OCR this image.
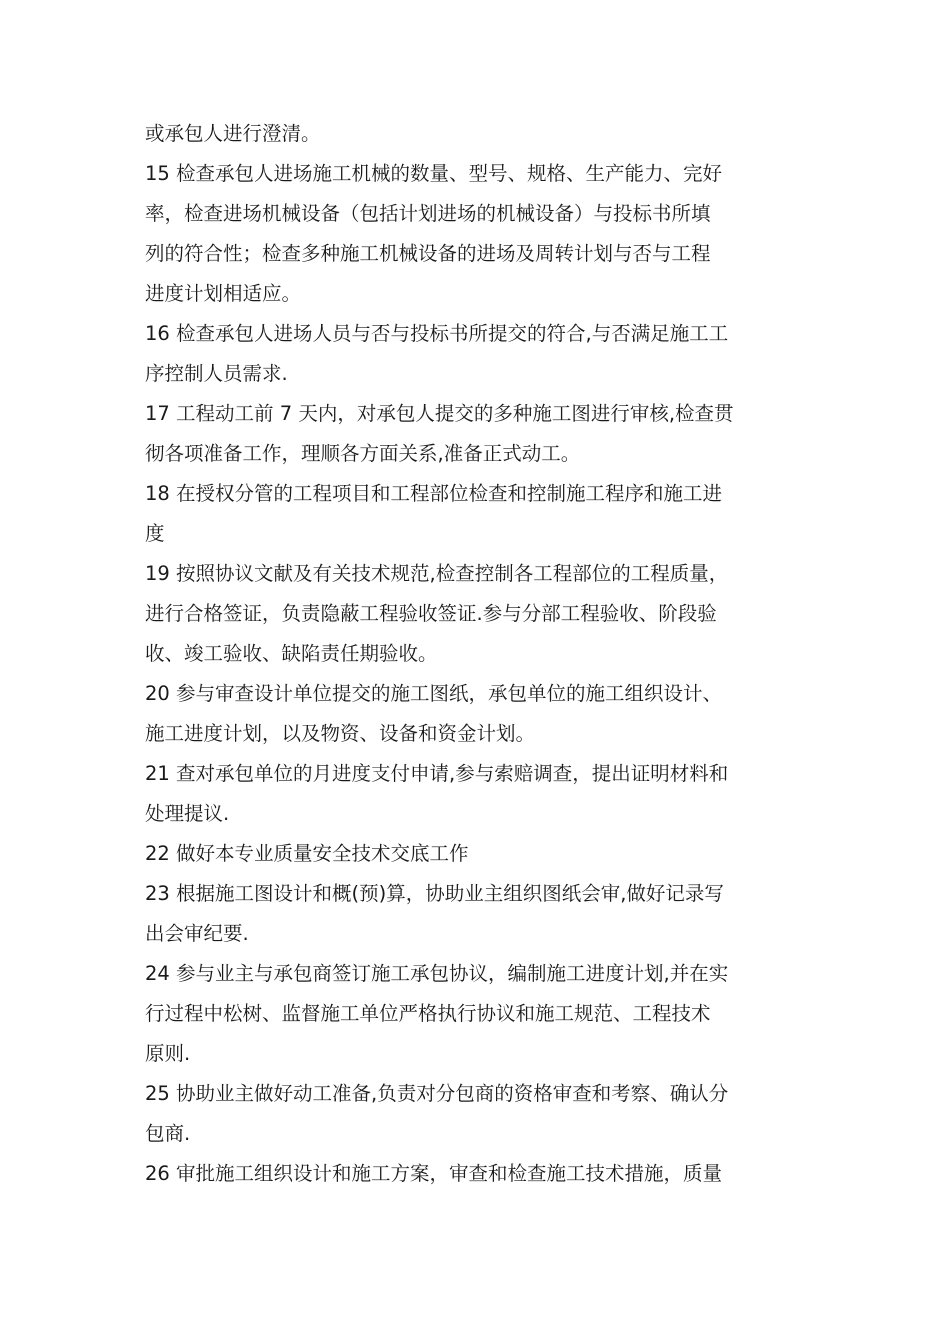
或承包人进行澄清。

15 检查承包人进场施工机械的数量、型号、规格、生产能力、完好
率，检查进场机械设备（包括计划进场的机械设备）与投标书所填
列的符合性；检查多种施工机械设备的进场及周转计划与否与工程
进度计划相适应。

16 检查承包人进场人员与否与投标书所提交的符合,与否满足施工工
序控制人员需求.

17 工程动工前 7 天内，对承包人提交的多种施工图进行审核,检查贯
彻各项准备工作，理顺各方面关系,准备正式动工。

18 在授权分管的工程项目和工程部位检查和控制施工程序和施工进
度

19 按照协议文献及有关技术规范,检查控制各工程部位的工程质量，
进行合格签证，负责隐蔽工程验收签证.参与分部工程验收、阶段验
收、竣工验收、缺陷责任期验收。

20 参与审查设计单位提交的施工图纸，承包单位的施工组织设计、
施工进度计划，以及物资、设备和资金计划。

21 查对承包单位的月进度支付申请,参与索赔调查，提出证明材料和
处理提议.

22 做好本专业质量安全技术交底工作

23 根据施工图设计和概(预)算，协助业主组织图纸会审,做好记录写
出会审纪要.

24 参与业主与承包商签订施工承包协议，编制施工进度计划,并在实
行过程中松树、监督施工单位严格执行协议和施工规范、工程技术
原则.

25 协助业主做好动工准备,负责对分包商的资格审查和考察、确认分
包商.

26 审批施工组织设计和施工方案，审查和检查施工技术措施，质量
